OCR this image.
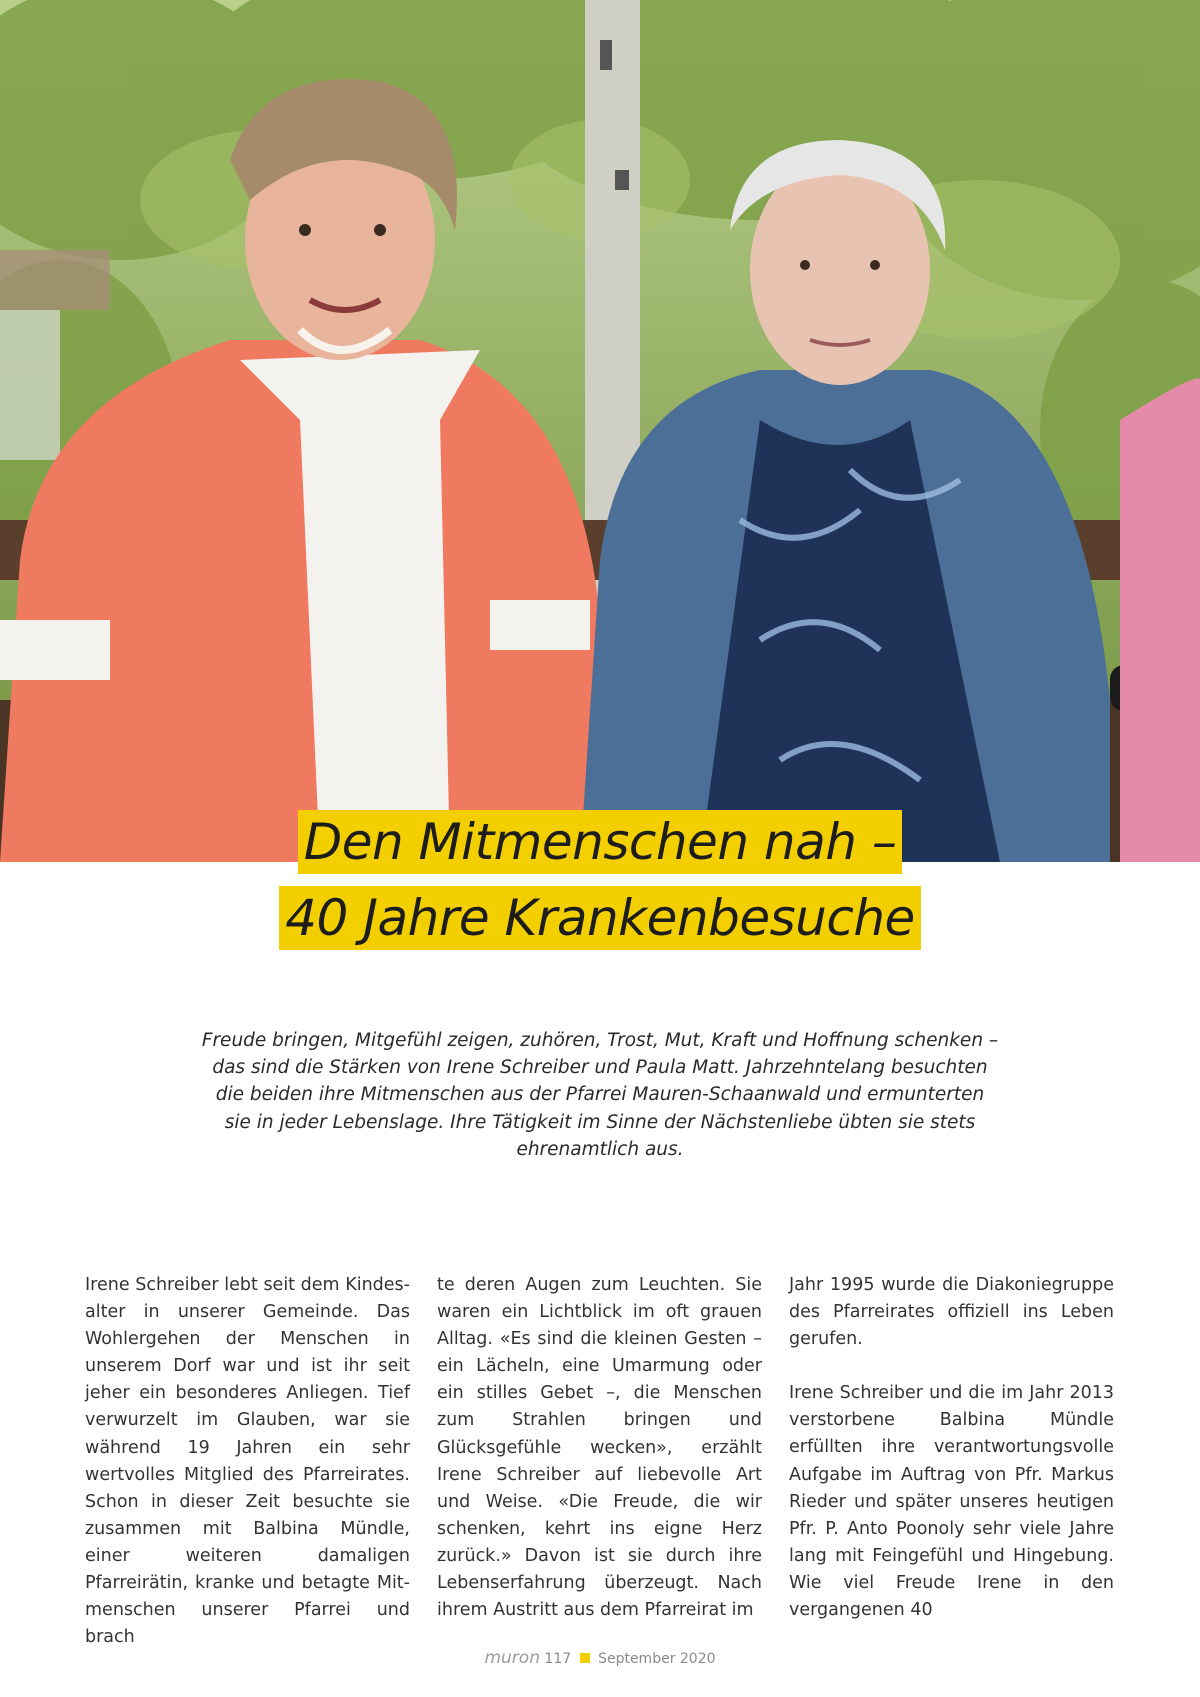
Den Mitmenschen nah –
40 Jahre Krankenbesuche

Freude bringen, Mitgefühl zeigen, zuhören, Trost, Mut, Kraft und Hoffnung schenken – das sind die Stärken von Irene Schreiber und Paula Matt. Jahrzehntelang besuchten die beiden ihre Mitmenschen aus der Pfarrei Mauren-Schaanwald und ermunterten sie in jeder Lebenslage. Ihre Tätigkeit im Sinne der Nächstenliebe übten sie stets ehrenamtlich aus.

Irene Schreiber lebt seit dem Kindesalter in unserer Gemeinde. Das Wohlergehen der Menschen in unserem Dorf war und ist ihr seit jeher ein besonderes Anliegen. Tief verwurzelt im Glauben, war sie während 19 Jahren ein sehr wertvolles Mitglied des Pfarreirates. Schon in dieser Zeit besuchte sie zusammen mit Balbina Mündle, einer weiteren damaligen Pfarreirätin, kranke und betagte Mitmenschen unserer Pfarrei und brach

te deren Augen zum Leuchten. Sie waren ein Lichtblick im oft grauen Alltag. «Es sind die kleinen Gesten – ein Lächeln, eine Umarmung oder ein stilles Gebet –, die Menschen zum Strahlen bringen und Glücksgefühle wecken», erzählt Irene Schreiber auf liebevolle Art und Weise. «Die Freude, die wir schenken, kehrt ins eigne Herz zurück.» Davon ist sie durch ihre Lebenserfahrung überzeugt. Nach ihrem Austritt aus dem Pfarreirat im

Jahr 1995 wurde die Diakoniegruppe des Pfarreirates offiziell ins Leben gerufen.

Irene Schreiber und die im Jahr 2013 verstorbene Balbina Mündle erfüllten ihre verantwortungsvolle Aufgabe im Auftrag von Pfr. Markus Rieder und später unseres heutigen Pfr. P. Anto Poonoly sehr viele Jahre lang mit Feingefühl und Hingebung. Wie viel Freude Irene in den vergangenen 40

muron 117 September 2020
